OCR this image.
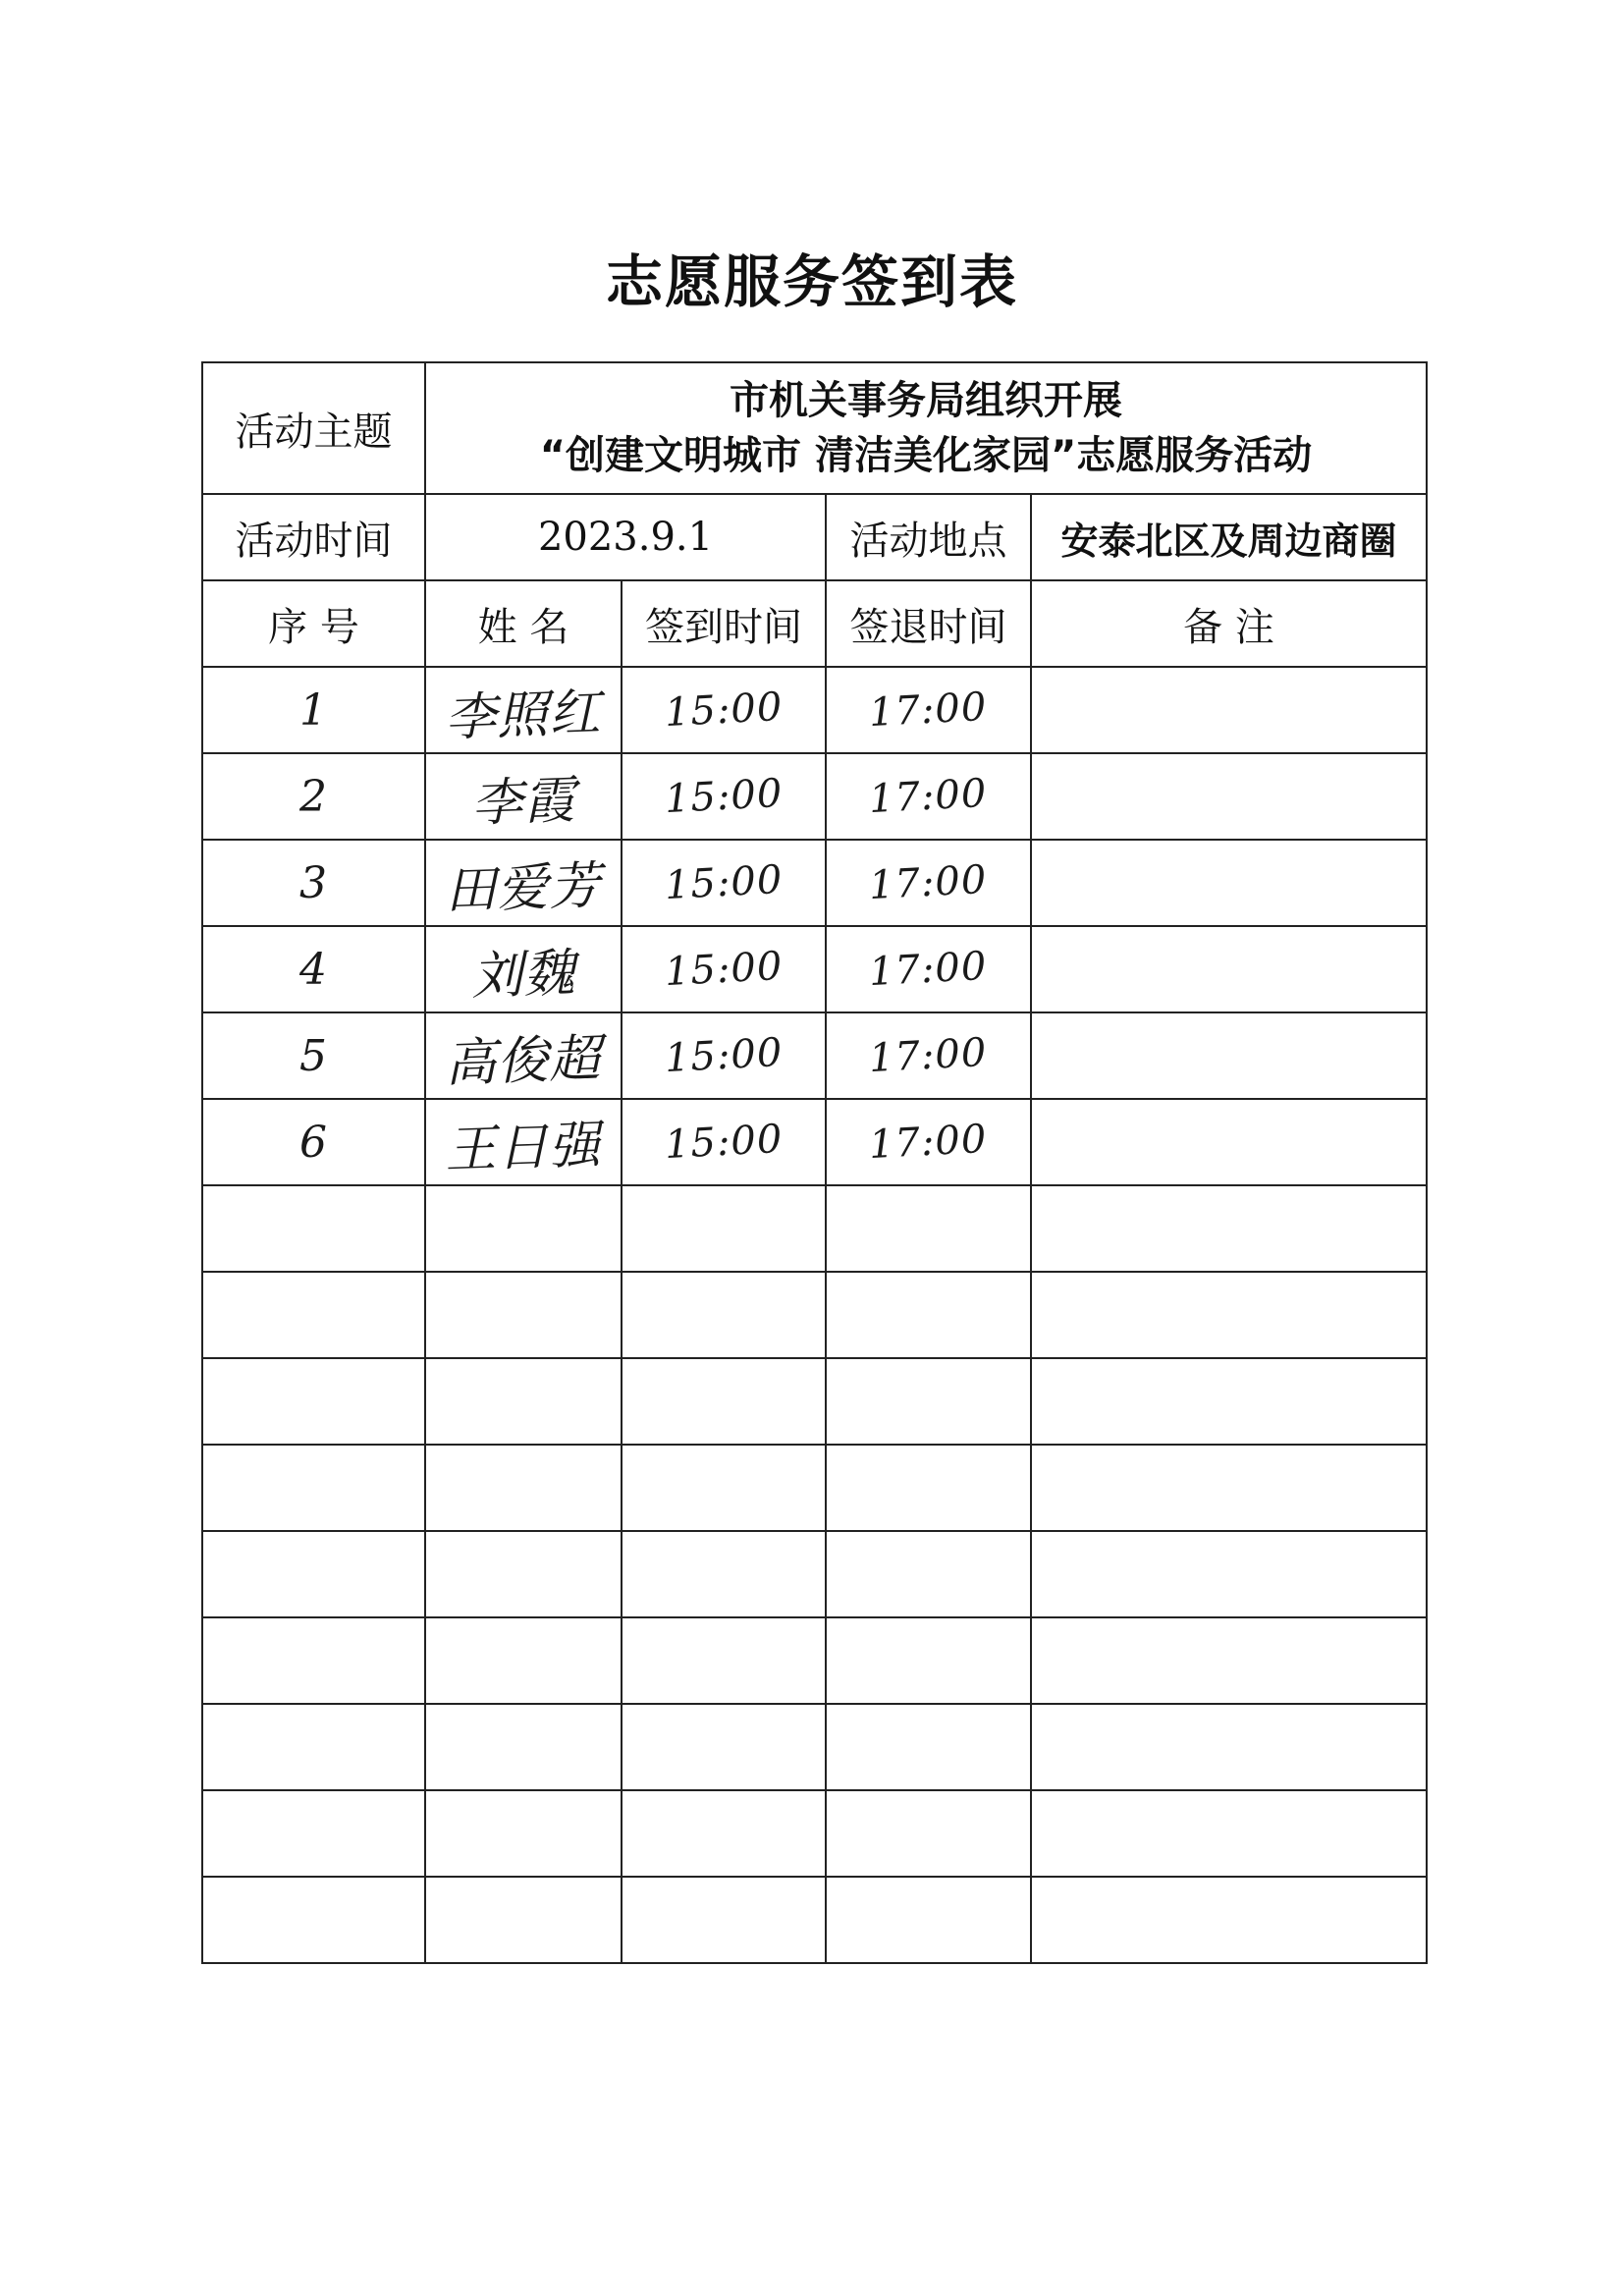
志愿服务签到表
活动主题	市机关事务局组织开展
“创建文明城市 清洁美化家园”志愿服务活动			

活动时间	2023.9.1		活动地点	安泰北区及周边商圈
序 号	姓 名	签到时间	签退时间	备 注
1	李照红	15:00	17:00	
2	李霞	15:00	17:00	
3	田爱芳	15:00	17:00	
4	刘魏	15:00	17:00	
5	高俊超	15:00	17:00	
6	王日强	15:00	17:00	
